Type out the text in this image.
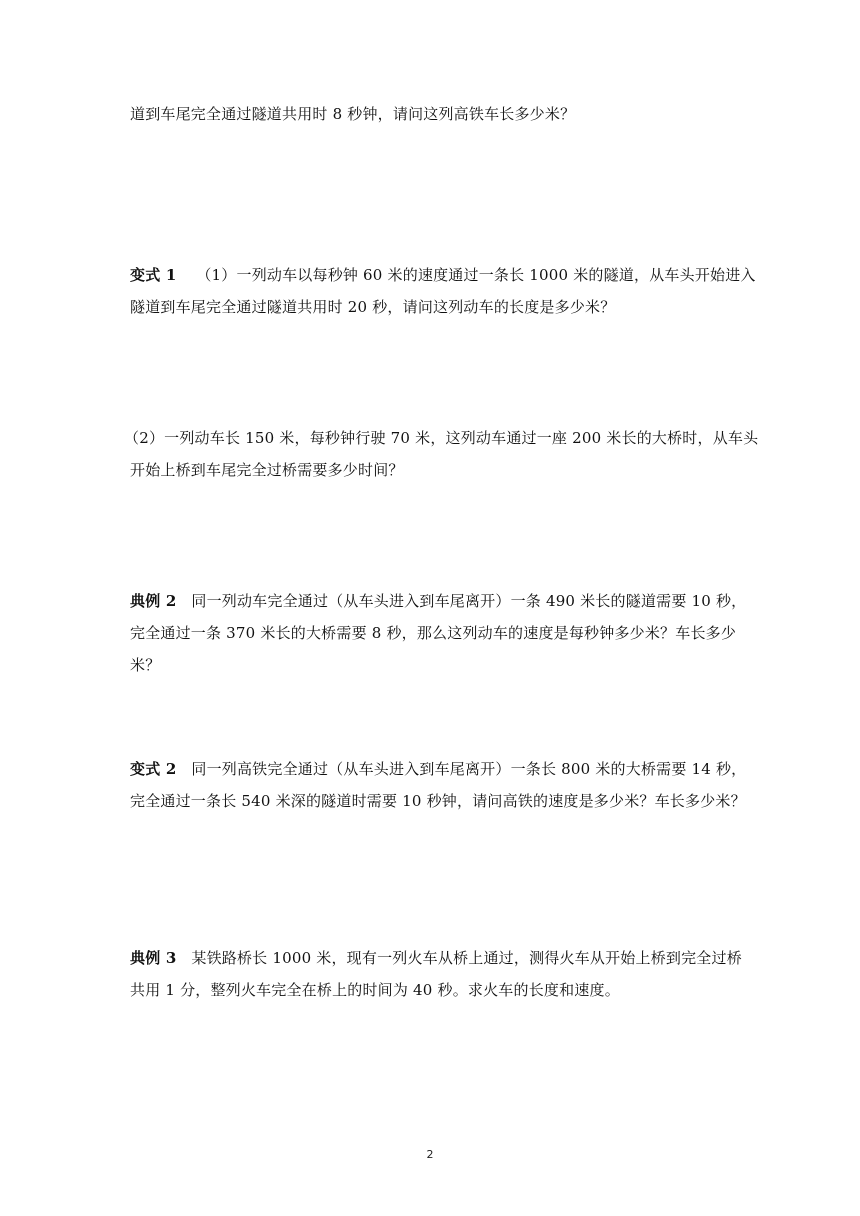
道到车尾完全通过隧道共用时 8 秒钟，请问这列高铁车长多少米？

变式 1 （1）一列动车以每秒钟 60 米的速度通过一条长 1000 米的隧道，从车头开始进入
隧道到车尾完全通过隧道共用时 20 秒，请问这列动车的长度是多少米？

（2）一列动车长 150 米，每秒钟行驶 70 米，这列动车通过一座 200 米长的大桥时，从车头
开始上桥到车尾完全过桥需要多少时间？

典例 2 同一列动车完全通过（从车头进入到车尾离开）一条 490 米长的隧道需要 10 秒，
完全通过一条 370 米长的大桥需要 8 秒，那么这列动车的速度是每秒钟多少米？车长多少
米？

变式 2 同一列高铁完全通过（从车头进入到车尾离开）一条长 800 米的大桥需要 14 秒，
完全通过一条长 540 米深的隧道时需要 10 秒钟，请问高铁的速度是多少米？车长多少米？

典例 3 某铁路桥长 1000 米，现有一列火车从桥上通过，测得火车从开始上桥到完全过桥
共用 1 分，整列火车完全在桥上的时间为 40 秒。求火车的长度和速度。

2
